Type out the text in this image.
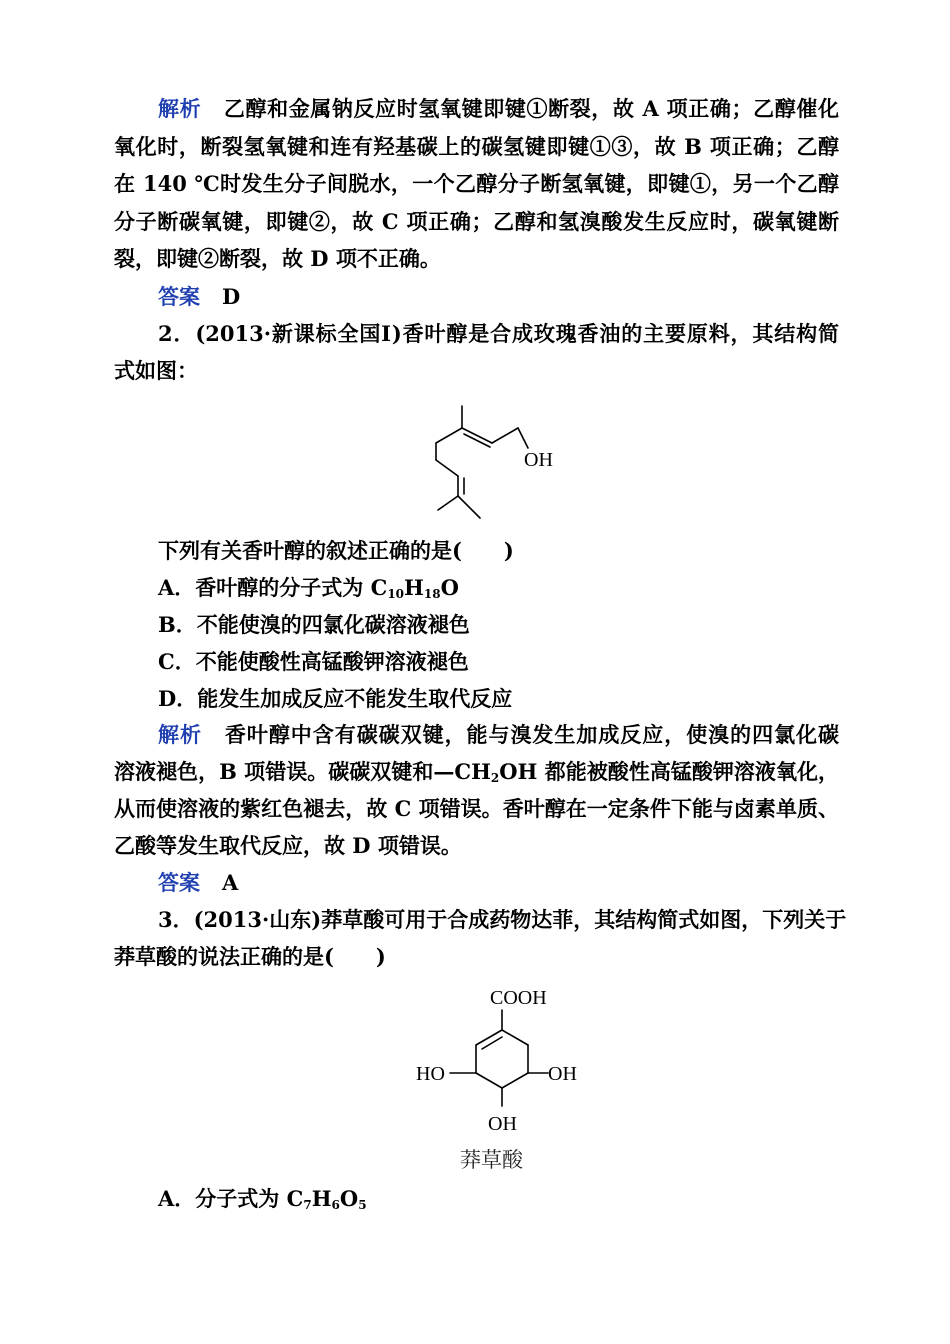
解析 乙醇和金属钠反应时氢氧键即键①断裂，故 A 项正确；乙醇催化
氧化时，断裂氢氧键和连有羟基碳上的碳氢键即键①③，故 B 项正确；乙醇
在 140 ℃时发生分子间脱水，一个乙醇分子断氢氧键，即键①，另一个乙醇
分子断碳氧键，即键②，故 C 项正确；乙醇和氢溴酸发生反应时，碳氧键断
裂，即键②断裂，故 D 项不正确。
答案 D
2．(2013·新课标全国Ⅰ)香叶醇是合成玫瑰香油的主要原料，其结构简
式如图：
OH
下列有关香叶醇的叙述正确的是(　　)
A．香叶醇的分子式为 $C_{10}H_{18}O$
B．不能使溴的四氯化碳溶液褪色
C．不能使酸性高锰酸钾溶液褪色
D．能发生加成反应不能发生取代反应
解析 香叶醇中含有碳碳双键，能与溴发生加成反应，使溴的四氯化碳
溶液褪色，B 项错误。碳碳双键和$—CH_2OH$ 都能被酸性高锰酸钾溶液氧化，
从而使溶液的紫红色褪去，故 C 项错误。香叶醇在一定条件下能与卤素单质、
乙酸等发生取代反应，故 D 项错误。
答案 A
3．(2013·山东)莽草酸可用于合成药物达菲，其结构简式如图，下列关于
莽草酸的说法正确的是(　　)
COOH
HO	OH
OH
莽草酸
A．分子式为 $C_7H_6O_5$
